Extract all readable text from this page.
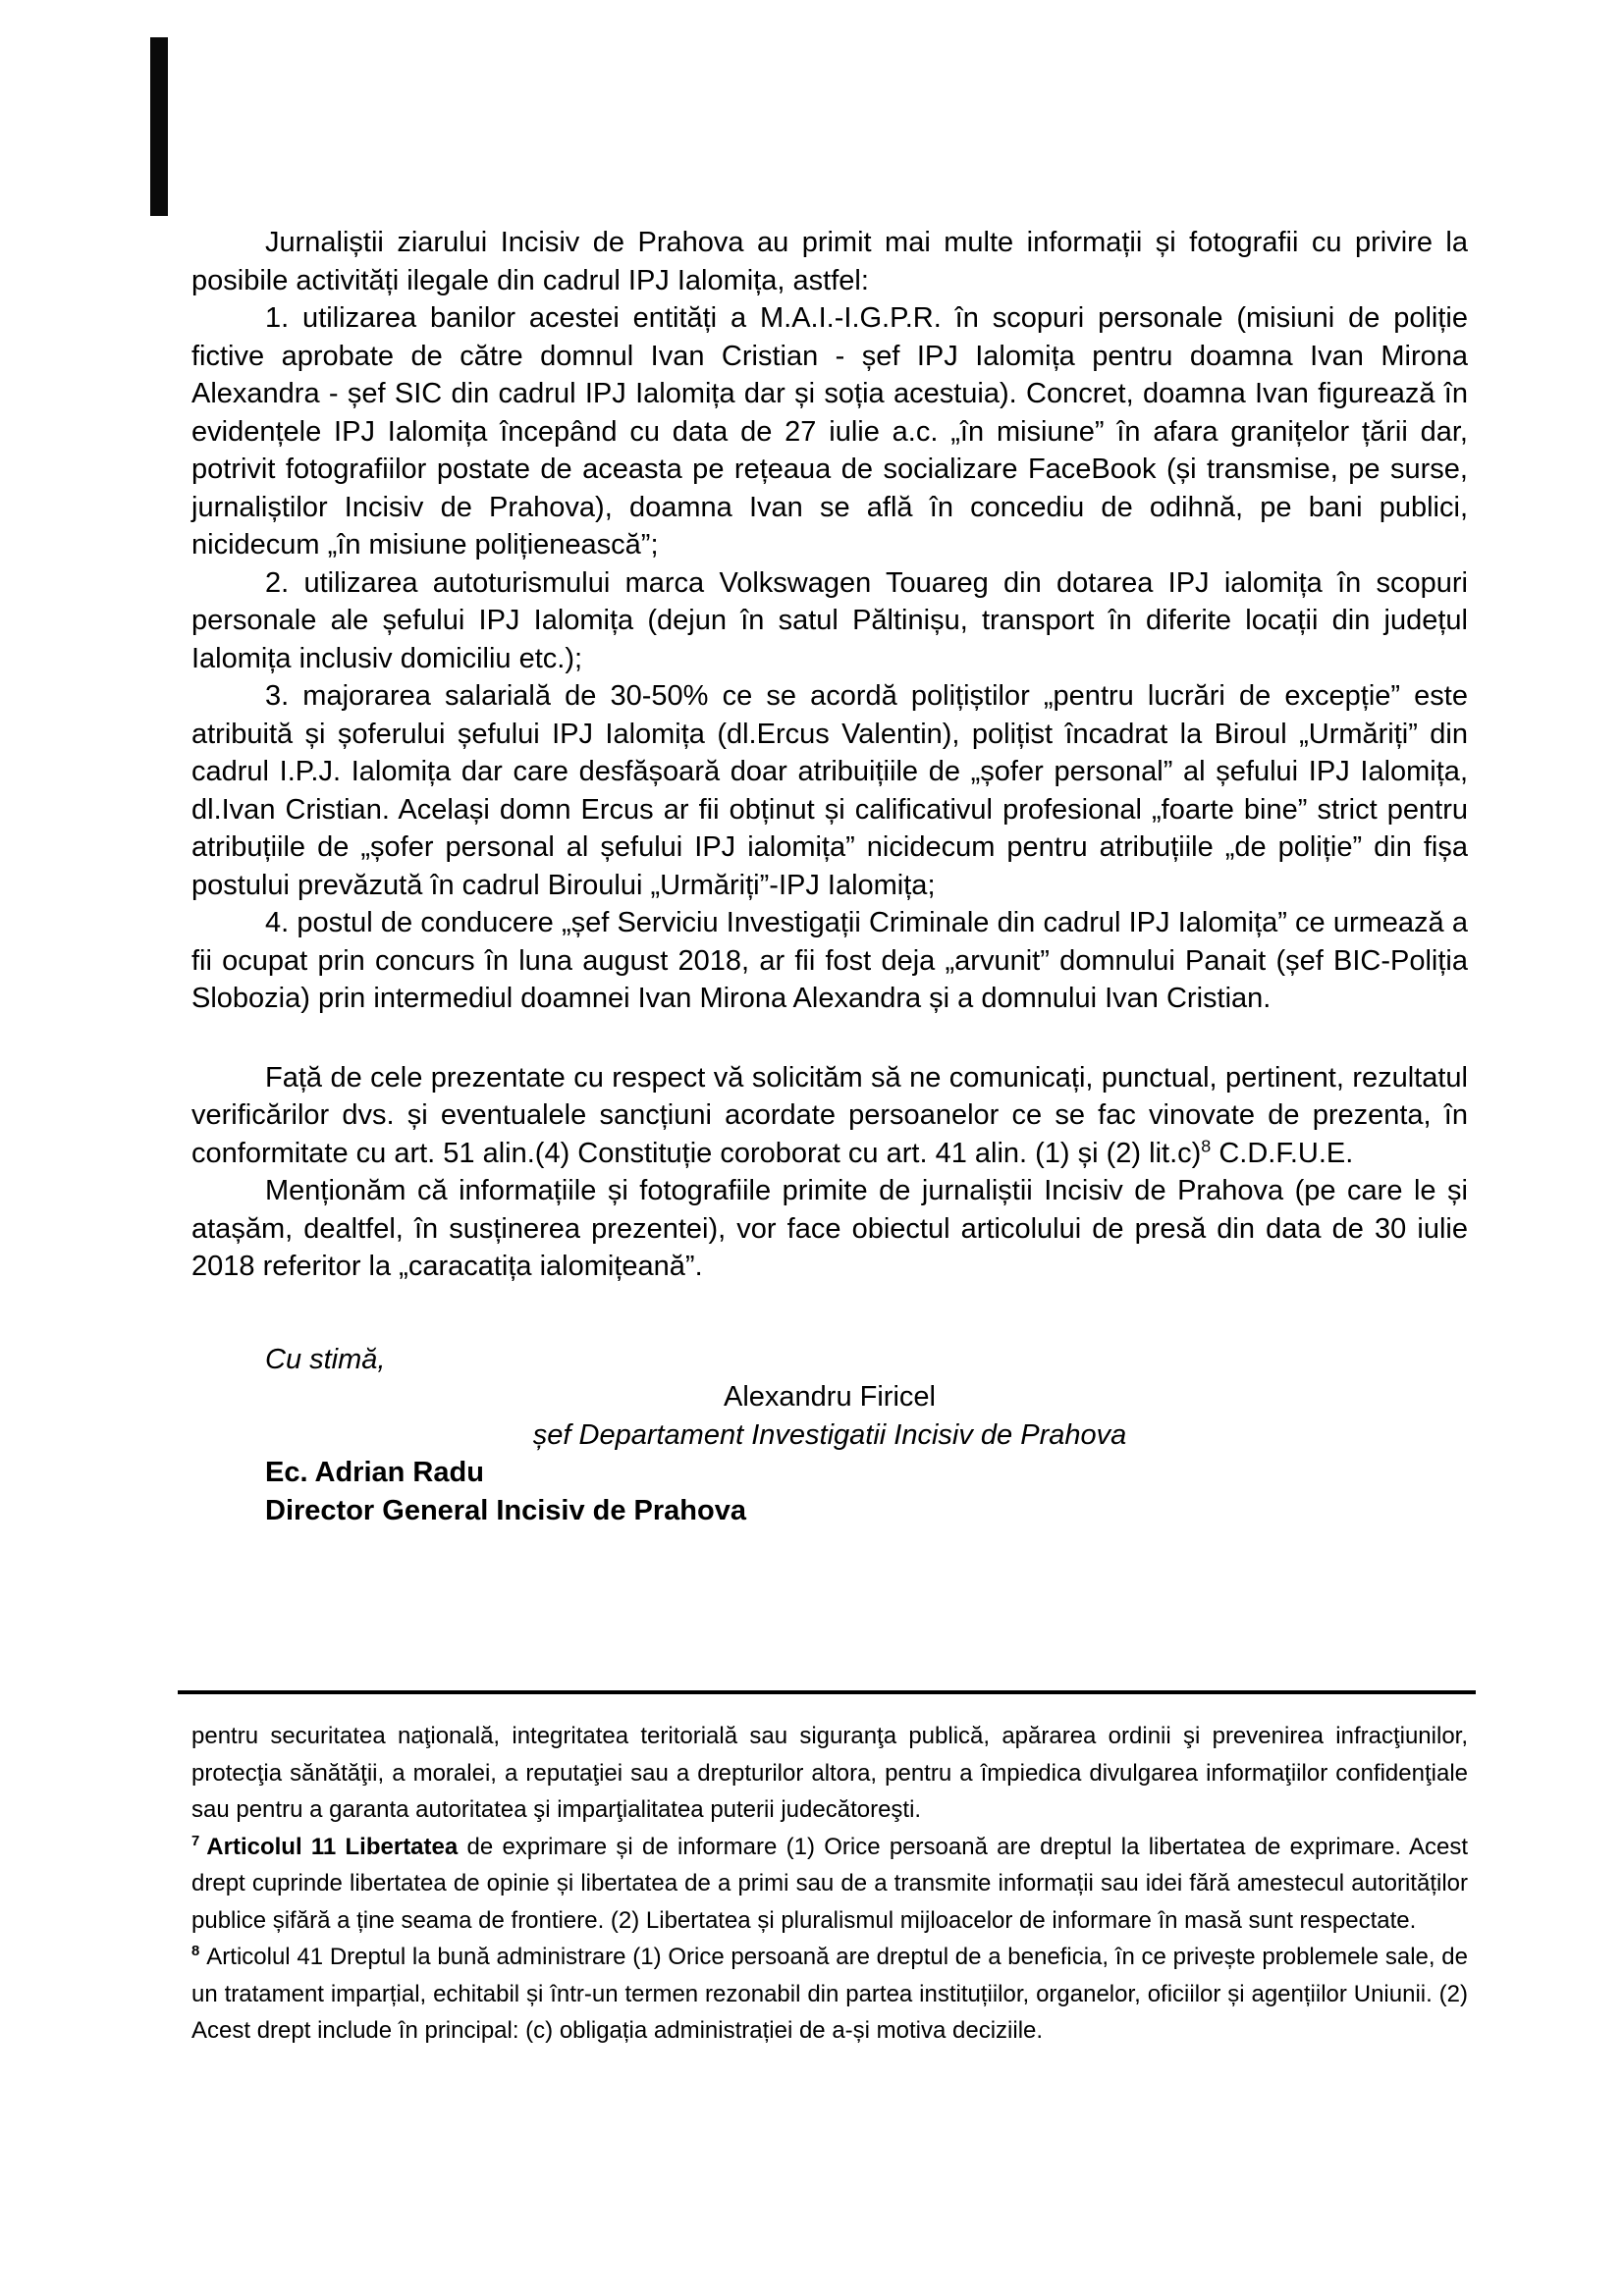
Jurnaliștii ziarului Incisiv de Prahova au primit mai multe informații și fotografii cu privire la posibile activități ilegale din cadrul IPJ Ialomița, astfel:

1. utilizarea banilor acestei entități a M.A.I.-I.G.P.R. în scopuri personale (misiuni de poliție fictive aprobate de către domnul Ivan Cristian - șef IPJ Ialomița pentru doamna Ivan Mirona Alexandra - șef SIC din cadrul IPJ Ialomița dar și soția acestuia). Concret, doamna Ivan figurează în evidențele IPJ Ialomița începând cu data de 27 iulie a.c. „în misiune” în afara granițelor țării dar, potrivit fotografiilor postate de aceasta pe rețeaua de socializare FaceBook (și transmise, pe surse, jurnaliștilor Incisiv de Prahova), doamna Ivan se află în concediu de odihnă, pe bani publici, nicidecum „în misiune polițienească”;

2. utilizarea autoturismului marca Volkswagen Touareg din dotarea IPJ ialomița în scopuri personale ale șefului IPJ Ialomița (dejun în satul Păltinișu, transport în diferite locații din județul Ialomița inclusiv domiciliu etc.);

3. majorarea salarială de 30-50% ce se acordă polițiștilor „pentru lucrări de excepție” este atribuită și șoferului șefului IPJ Ialomița (dl.Ercus Valentin), polițist încadrat la Biroul „Urmăriți” din cadrul I.P.J. Ialomița dar care desfășoară doar atribuițiile de „șofer personal” al șefului IPJ Ialomița, dl.Ivan Cristian. Același domn Ercus ar fii obținut și calificativul profesional „foarte bine” strict pentru atribuțiile de „șofer personal al șefului IPJ ialomița” nicidecum pentru atribuțiile „de poliție” din fișa postului prevăzută în cadrul Biroului „Urmăriți”-IPJ Ialomița;

4. postul de conducere „șef Serviciu Investigații Criminale din cadrul IPJ Ialomița” ce urmează a fii ocupat prin concurs în luna august 2018, ar fii fost deja „arvunit” domnului Panait (șef BIC-Poliția Slobozia) prin intermediul doamnei Ivan Mirona Alexandra și a domnului Ivan Cristian.

Față de cele prezentate cu respect vă solicităm să ne comunicați, punctual, pertinent, rezultatul verificărilor dvs. și eventualele sancțiuni acordate persoanelor ce se fac vinovate de prezenta, în conformitate cu art. 51 alin.(4) Constituție coroborat cu art. 41 alin. (1) și (2) lit.c)$^8$ C.D.F.U.E.

Menționăm că informațiile și fotografiile primite de jurnaliștii Incisiv de Prahova (pe care le și atașăm, dealtfel, în susținerea prezentei), vor face obiectul articolului de presă din data de 30 iulie 2018 referitor la „caracatița ialomițeană”.

Cu stimă,

Alexandru Firicel

șef Departament Investigatii Incisiv de Prahova

Ec. Adrian Radu

Director General Incisiv de Prahova

pentru securitatea naţională, integritatea teritorială sau siguranţa publică, apărarea ordinii şi prevenirea infracţiunilor, protecţia sănătăţii, a moralei, a reputaţiei sau a drepturilor altora, pentru a împiedica divulgarea informaţiilor confidenţiale sau pentru a garanta autoritatea şi imparţialitatea puterii judecătoreşti.

$^7$ Articolul 11 Libertatea de exprimare și de informare (1) Orice persoană are dreptul la libertatea de exprimare. Acest drept cuprinde libertatea de opinie și libertatea de a primi sau de a transmite informații sau idei fără amestecul autorităților publice șifără a ține seama de frontiere. (2) Libertatea și pluralismul mijloacelor de informare în masă sunt respectate.

$^8$ Articolul 41 Dreptul la bună administrare (1) Orice persoană are dreptul de a beneficia, în ce privește problemele sale, de un tratament imparțial, echitabil și într-un termen rezonabil din partea instituțiilor, organelor, oficiilor și agențiilor Uniunii. (2) Acest drept include în principal: (c) obligația administrației de a-și motiva deciziile.
